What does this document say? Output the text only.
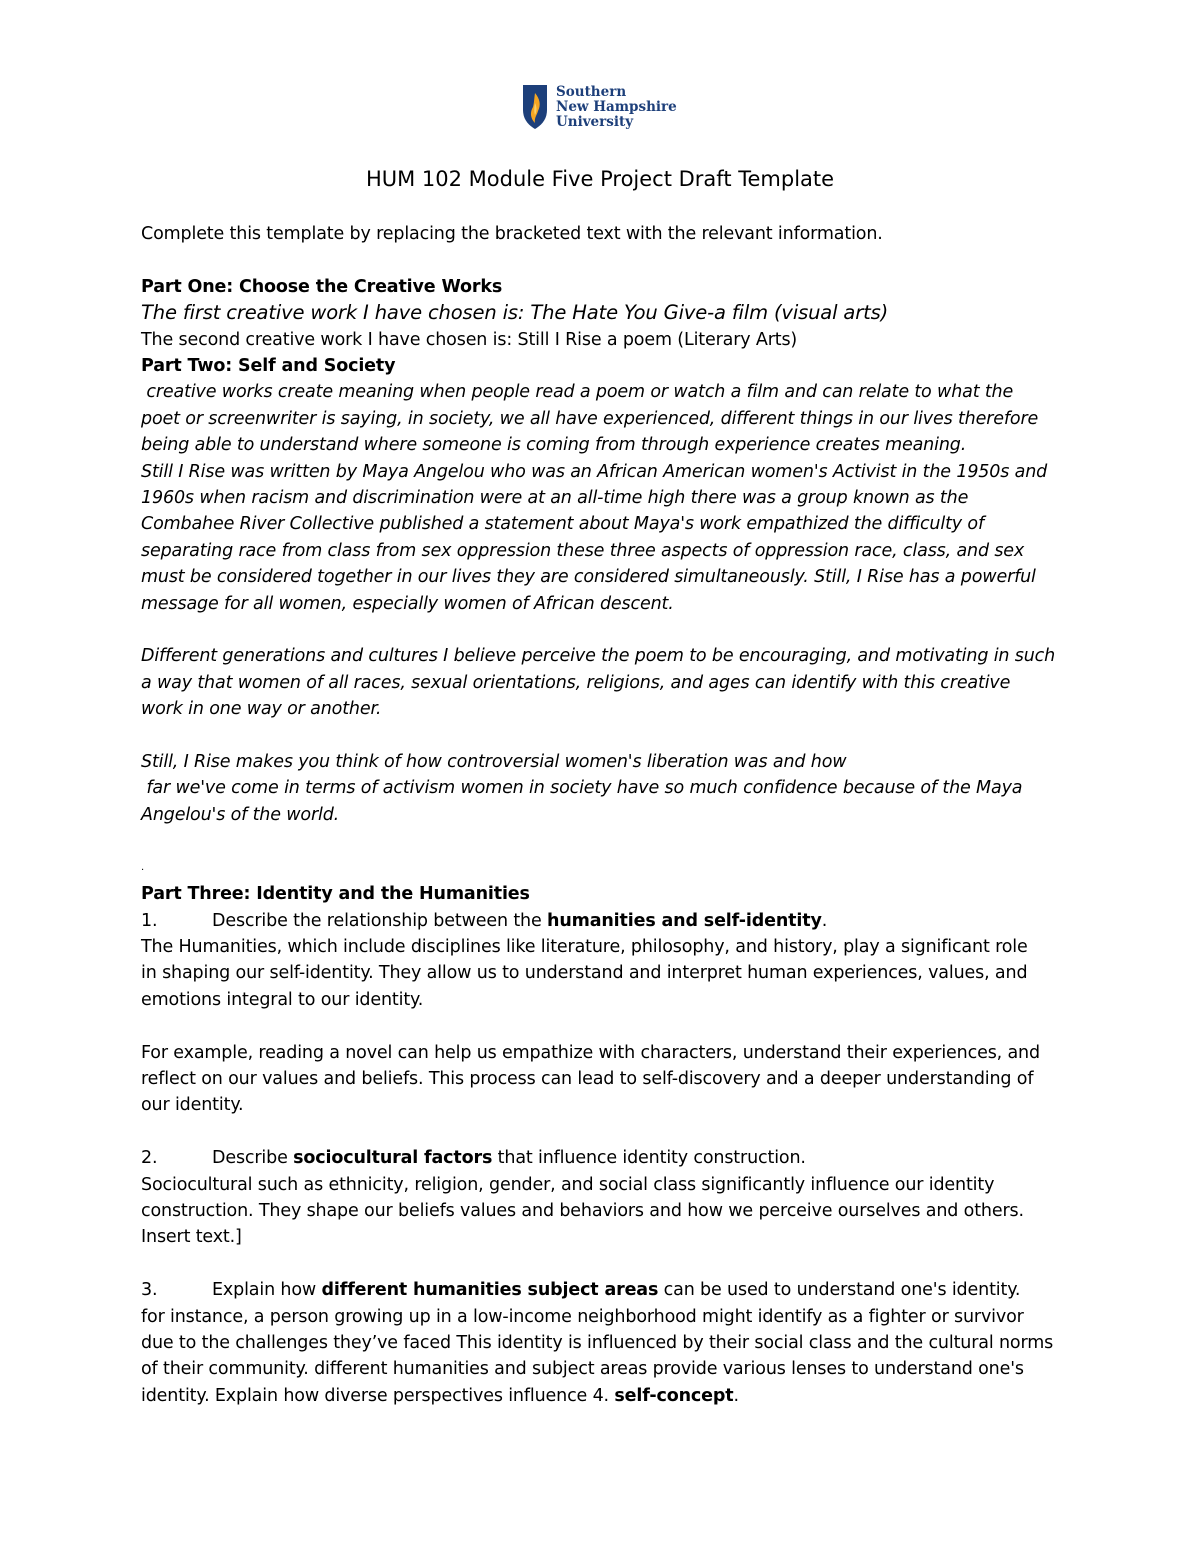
Southern
New Hampshire
University
HUM 102 Module Five Project Draft Template

Complete this template by replacing the bracketed text with the relevant information.

Part One: Choose the Creative Works

The first creative work I have chosen is: The Hate You Give-a film (visual arts)

The second creative work I have chosen is: Still I Rise a poem (Literary Arts)

Part Two: Self and Society

creative works create meaning when people read a poem or watch a film and can relate to what the

poet or screenwriter is saying, in society, we all have experienced, different things in our lives therefore

being able to understand where someone is coming from through experience creates meaning.

Still I Rise was written by Maya Angelou who was an African American women's Activist in the 1950s and

1960s when racism and discrimination were at an all-time high there was a group known as the

Combahee River Collective published a statement about Maya's work empathized the difficulty of

separating race from class from sex oppression these three aspects of oppression race, class, and sex

must be considered together in our lives they are considered simultaneously. Still, I Rise has a powerful

message for all women, especially women of African descent.

Different generations and cultures I believe perceive the poem to be encouraging, and motivating in such

a way that women of all races, sexual orientations, religions, and ages can identify with this creative

work in one way or another.

Still, I Rise makes you think of how controversial women's liberation was and how

far we've come in terms of activism women in society have so much confidence because of the Maya

Angelou's of the world.

.

Part Three: Identity and the Humanities

1.	Describe the relationship between the humanities and self-identity.

The Humanities, which include disciplines like literature, philosophy, and history, play a significant role

in shaping our self-identity. They allow us to understand and interpret human experiences, values, and

emotions integral to our identity.

For example, reading a novel can help us empathize with characters, understand their experiences, and

reflect on our values and beliefs. This process can lead to self-discovery and a deeper understanding of

our identity.

2.	Describe sociocultural factors that influence identity construction.

Sociocultural such as ethnicity, religion, gender, and social class significantly influence our identity

construction. They shape our beliefs values and behaviors and how we perceive ourselves and others.

Insert text.]

3.	Explain how different humanities subject areas can be used to understand one's identity.

for instance, a person growing up in a low-income neighborhood might identify as a fighter or survivor

due to the challenges they’ve faced This identity is influenced by their social class and the cultural norms

of their community. different humanities and subject areas provide various lenses to understand one's

identity. Explain how diverse perspectives influence 4. self-concept.
